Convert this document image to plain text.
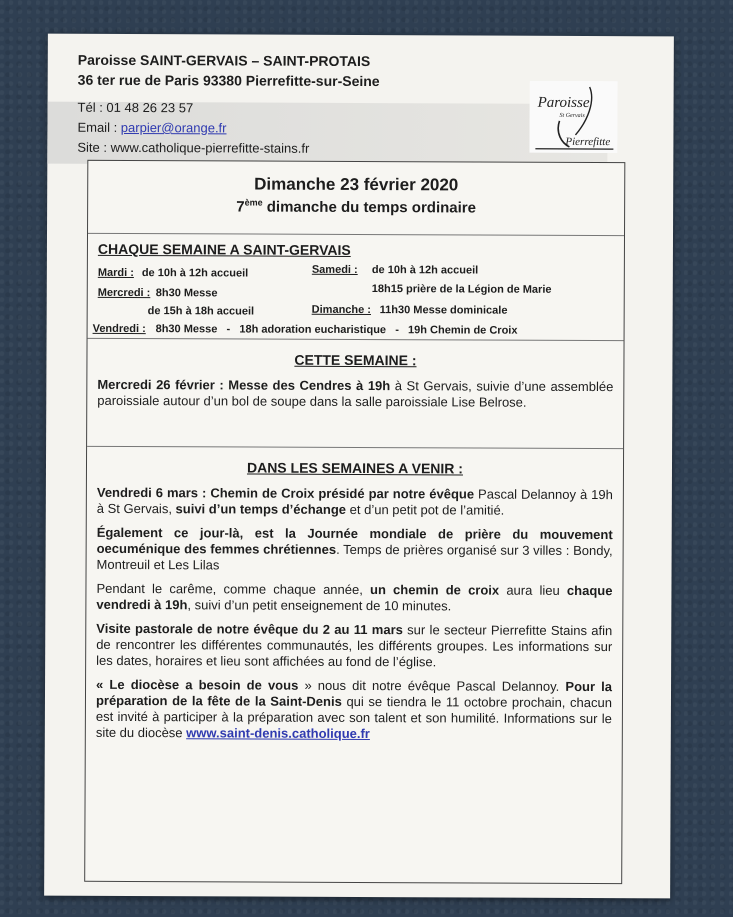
Paroisse SAINT-GERVAIS – SAINT-PROTAIS
36 ter rue de Paris 93380 Pierrefitte-sur-Seine
Tél : 01 48 26 23 57
Email : parpier@orange.fr
Site : www.catholique-pierrefitte-stains.fr
Paroisse
St Gervais
Pierrefitte
Dimanche 23 février 2020
7ème dimanche du temps ordinaire
CHAQUE SEMAINE A SAINT-GERVAIS
Mardi : de 10h à 12h accueil	Samedi : de 10h à 12h accueil
18h15 prière de la Légion de Marie
Mercredi : 8h30 Messe
de 15h à 18h accueil	Dimanche : 11h30 Messe dominicale
Vendredi : 8h30 Messe   -   18h adoration eucharistique   -   19h Chemin de Croix
CETTE SEMAINE :
Mercredi 26 février : Messe des Cendres à 19h à St Gervais, suivie d’une assemblée paroissiale autour d’un bol de soupe dans la salle paroissiale Lise Belrose.
DANS LES SEMAINES A VENIR :
Vendredi 6 mars : Chemin de Croix présidé par notre évêque Pascal Delannoy à 19h à St Gervais, suivi d’un temps d’échange et d’un petit pot de l’amitié.
Également ce jour-là, est la Journée mondiale de prière du mouvement oecuménique des femmes chrétiennes. Temps de prières organisé sur 3 villes : Bondy, Montreuil et Les Lilas
Pendant le carême, comme chaque année, un chemin de croix aura lieu chaque vendredi à 19h, suivi d’un petit enseignement de 10 minutes.
Visite pastorale de notre évêque du 2 au 11 mars sur le secteur Pierrefitte Stains afin de rencontrer les différentes communautés, les différents groupes. Les informations sur les dates, horaires et lieu sont affichées au fond de l’église.
« Le diocèse a besoin de vous » nous dit notre évêque Pascal Delannoy. Pour la préparation de la fête de la Saint-Denis qui se tiendra le 11 octobre prochain, chacun est invité à participer à la préparation avec son talent et son humilité. Informations sur le site du diocèse www.saint-denis.catholique.fr
